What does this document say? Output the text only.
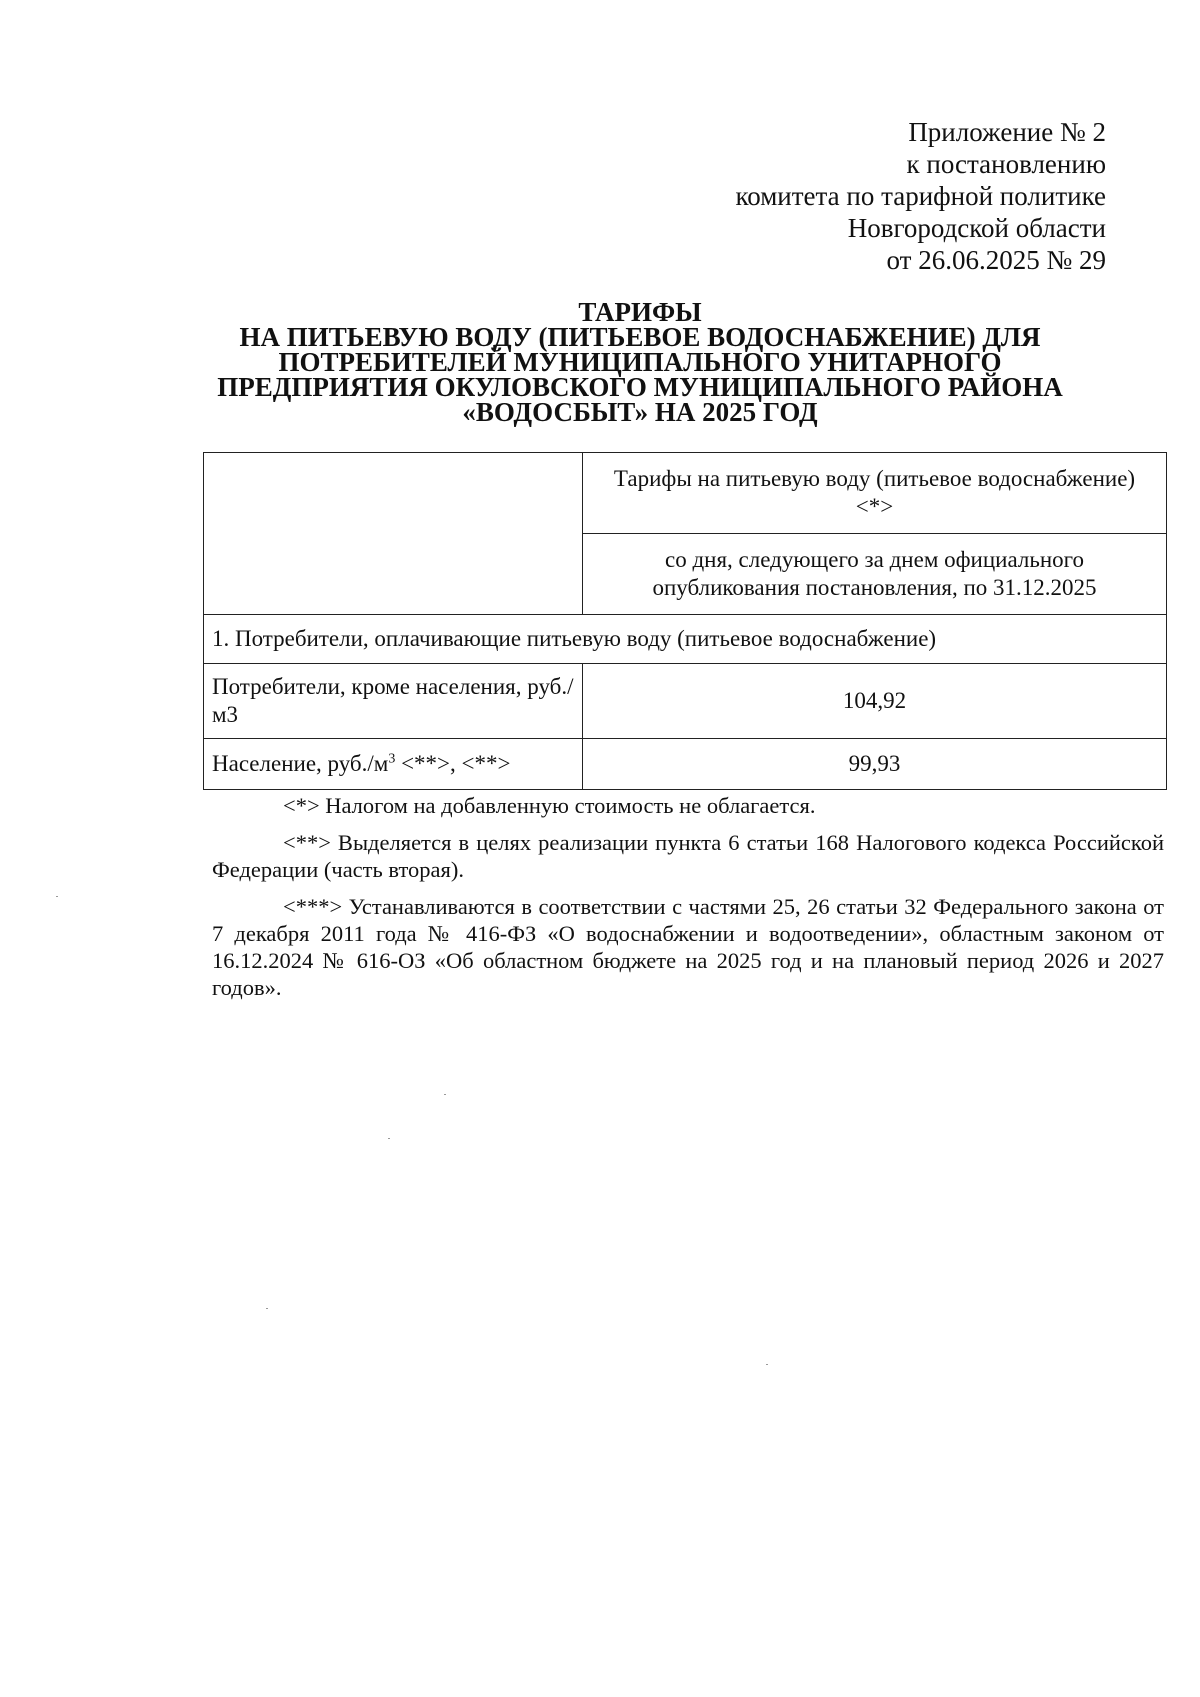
Приложение № 2
к постановлению
комитета по тарифной политике
Новгородской области
от 26.06.2025 № 29
ТАРИФЫ
НА ПИТЬЕВУЮ ВОДУ (ПИТЬЕВОЕ ВОДОСНАБЖЕНИЕ) ДЛЯ
ПОТРЕБИТЕЛЕЙ МУНИЦИПАЛЬНОГО УНИТАРНОГО
ПРЕДПРИЯТИЯ ОКУЛОВСКОГО МУНИЦИПАЛЬНОГО РАЙОНА
«ВОДОСБЫТ» НА 2025 ГОД

	Тарифы на питьевую воду (питьевое водоснабжение)
<*>

	со дня, следующего за днем официального опубликования постановления, по 31.12.2025
1. Потребители, оплачивающие питьевую воду (питьевое водоснабжение)	
Потребители, кроме населения, руб./м3	104,92
Население, $руб./м^3$ <**>, <**>	99,93

<*> Налогом на добавленную стоимость не облагается.

<**> Выделяется в целях реализации пункта 6 статьи 168 Налогового кодекса Российской Федерации (часть вторая).

<***> Устанавливаются в соответствии с частями 25, 26 статьи 32 Федерального закона от 7 декабря 2011 года № 416-ФЗ «О водоснабжении и водоотведении», областным законом от 16.12.2024 № 616-ОЗ «Об областном бюджете на 2025 год и на плановый период 2026 и 2027 годов».
